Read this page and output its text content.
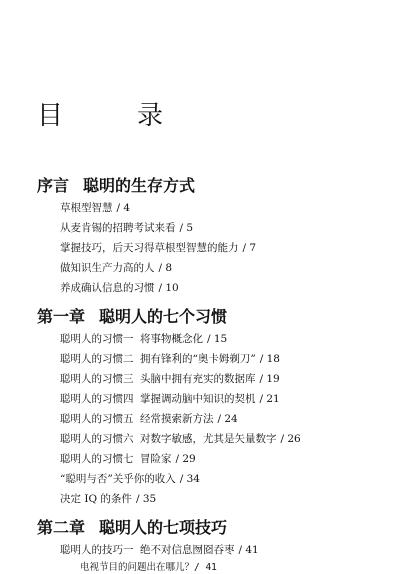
目　录
序言 聪明的生存方式
草根型智慧 / 4
从麦肯锡的招聘考试来看 / 5
掌握技巧，后天习得草根型智慧的能力 / 7
做知识生产力高的人 / 8
养成确认信息的习惯 / 10
第一章 聪明人的七个习惯
聪明人的习惯一 将事物概念化 / 15
聪明人的习惯二 拥有锋利的“奥卡姆剃刀” / 18
聪明人的习惯三 头脑中拥有充实的数据库 / 19
聪明人的习惯四 掌握调动脑中知识的契机 / 21
聪明人的习惯五 经常摸索新方法 / 24
聪明人的习惯六 对数字敏感，尤其是矢量数字 / 26
聪明人的习惯七 冒险家 / 29
“聪明与否”关乎你的收入 / 34
决定 IQ 的条件 / 35
第二章 聪明人的七项技巧
聪明人的技巧一 绝不对信息囫囵吞枣 / 41
电视节目的问题出在哪儿？/ 41
